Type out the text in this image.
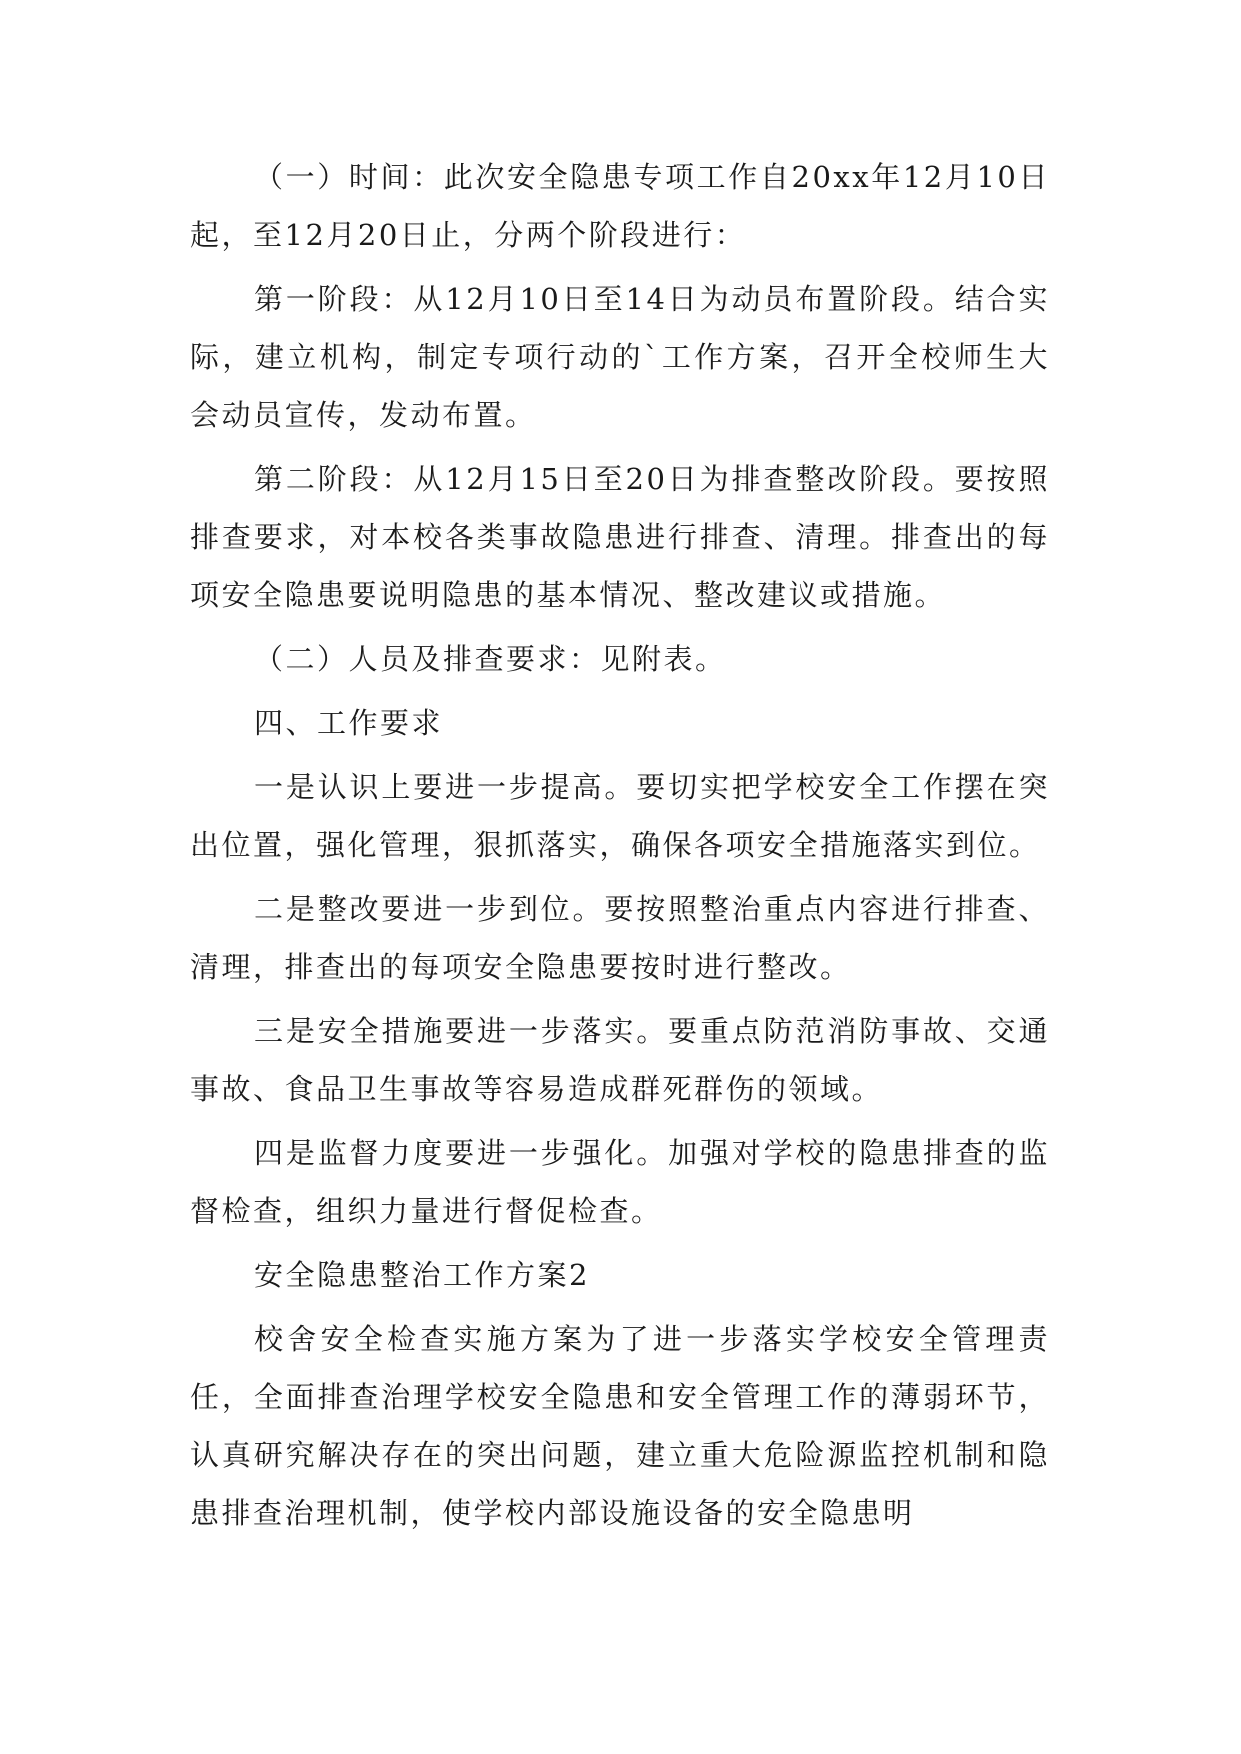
（一）时间：此次安全隐患专项工作自20xx年12月10日起，至12月20日止，分两个阶段进行：

第一阶段：从12月10日至14日为动员布置阶段。结合实际，建立机构，制定专项行动的`工作方案，召开全校师生大会动员宣传，发动布置。

第二阶段：从12月15日至20日为排查整改阶段。要按照排查要求，对本校各类事故隐患进行排查、清理。排查出的每项安全隐患要说明隐患的基本情况、整改建议或措施。

（二）人员及排查要求：见附表。

四、工作要求

一是认识上要进一步提高。要切实把学校安全工作摆在突出位置，强化管理，狠抓落实，确保各项安全措施落实到位。

二是整改要进一步到位。要按照整治重点内容进行排查、清理，排查出的每项安全隐患要按时进行整改。

三是安全措施要进一步落实。要重点防范消防事故、交通事故、食品卫生事故等容易造成群死群伤的领域。

四是监督力度要进一步强化。加强对学校的隐患排查的监督检查，组织力量进行督促检查。

安全隐患整治工作方案2

校舍安全检查实施方案为了进一步落实学校安全管理责任，全面排查治理学校安全隐患和安全管理工作的薄弱环节，认真研究解决存在的突出问题，建立重大危险源监控机制和隐患排查治理机制，使学校内部设施设备的安全隐患明
